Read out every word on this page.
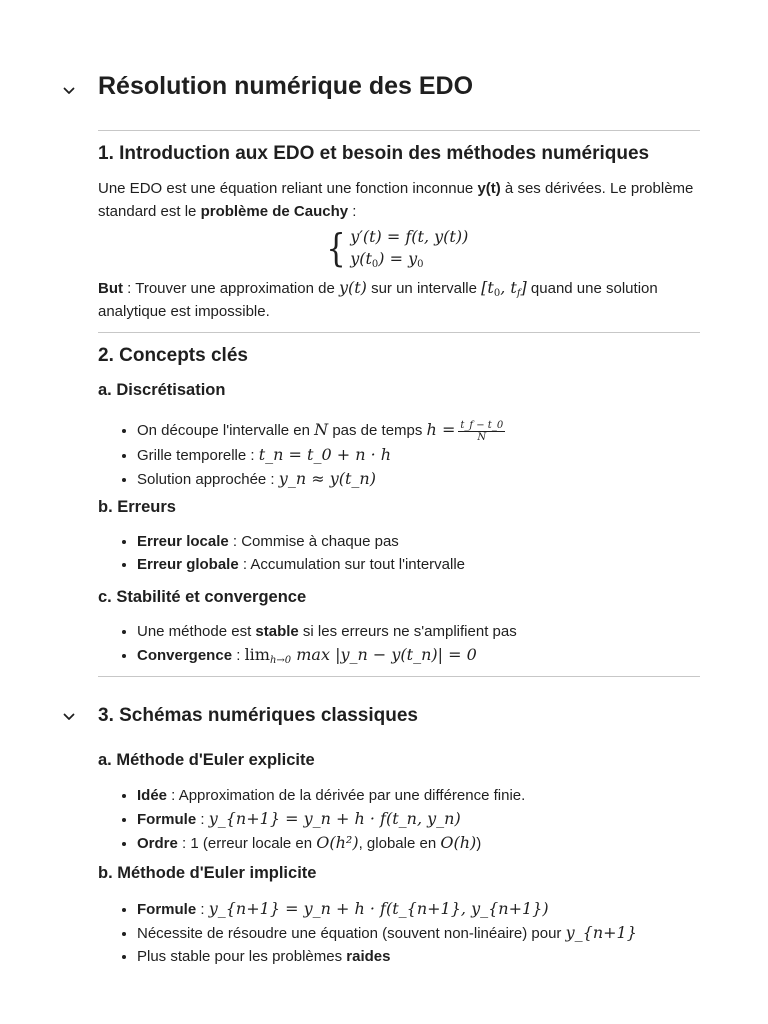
Résolution numérique des EDO
1. Introduction aux EDO et besoin des méthodes numériques

Une EDO est une équation reliant une fonction inconnue y(t) à ses dérivées. Le problème standard est le problème de Cauchy :

{ y′(t) = f(t, y(t))
$y(t_0) = y_0$

But : Trouver une approximation de y(t) sur un intervalle [$t_0$, $t_f$] quand une solution analytique est impossible.

2. Concepts clés
a. Discrétisation
• On découpe l'intervalle en N pas de temps $h = \frac{t\_f - t\_0}{N}$
• Grille temporelle : t_n = t_0 + n · h
• Solution approchée : y_n ≈ y(t_n)
b. Erreurs
• Erreur locale : Commise à chaque pas
• Erreur globale : Accumulation sur tout l'intervalle
c. Stabilité et convergence
• Une méthode est stable si les erreurs ne s'amplifient pas
• Convergence : limh→0 max |y_n − y(t_n)| = 0
3. Schémas numériques classiques
a. Méthode d'Euler explicite
• Idée : Approximation de la dérivée par une différence finie.
• Formule : y_{n+1} = y_n + h · f(t_n, y_n)
• Ordre : 1 (erreur locale en O(h²), globale en O(h))
b. Méthode d'Euler implicite
• Formule : y_{n+1} = y_n + h · f(t_{n+1}, y_{n+1})
• Nécessite de résoudre une équation (souvent non-linéaire) pour y_{n+1}
• Plus stable pour les problèmes raides
